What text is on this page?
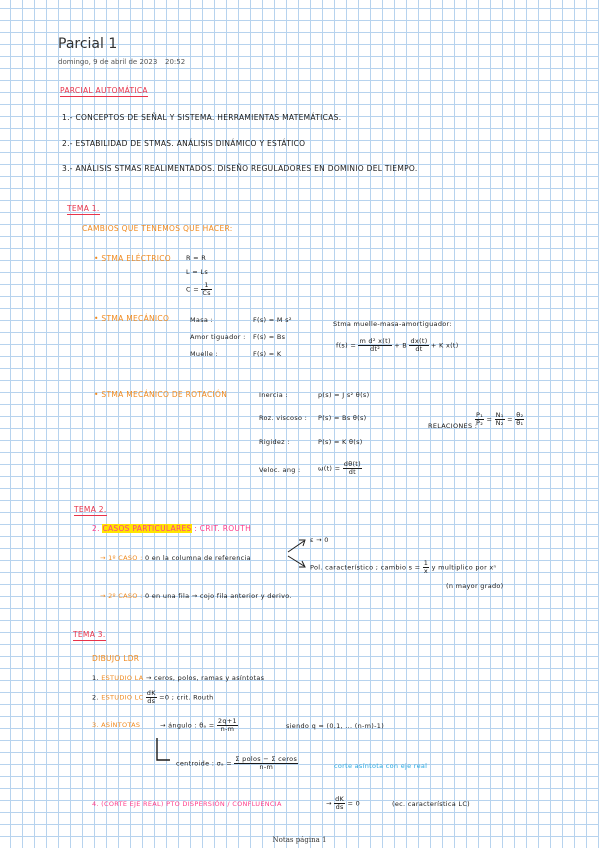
Parcial 1
domingo, 9 de abril de 2023 20:52
PARCIAL AUTOMÁTICA
1.- CONCEPTOS DE SEÑAL Y SISTEMA. HERRAMIENTAS MATEMÁTICAS.
2.- ESTABILIDAD DE STMAS. ANÁLISIS DINÁMICO Y ESTÁTICO
3.- ANÁLISIS STMAS REALIMENTADOS. DISEÑO REGULADORES EN DOMINIO DEL TIEMPO.
TEMA 1.
CAMBIOS QUE TENEMOS QUE HACER:
• STMA ELÉCTRICO R = R
L = Ls
$C = \frac{1}{Cs}$
• STMA MECÁNICO	Masa :	F(s) = M s²
Amor tiguador : F(s) = Bs
Muelle :	F(s) = K
Stma muelle-masa-amortiguador:
$f(s) = \frac{\text{m d² x(t)}}{\text{dt²}} + B \frac{dx(t)}{dt} + K$ x(t)
• STMA MECÁNICO DE ROTACIÓN	Inercia :	p(s) = J s² θ(s)
Roz. viscoso : P(s) = Bs θ(s)
Rigidez :	P(s) = K θ(s)
Veloc. ang :	$\omega(t) = \frac{d\theta(t)}{dt}$
RELACIONES :
$\frac{\text{P₁}}{\text{P₂}} = \frac{\text{N₁}}{\text{N₂}} = \frac{\text{θ₂}}{\text{θ₁}}$
TEMA 2.
2. CASOS PARTICULARES : CRIT. ROUTH
→ 1º CASO : 0 en la columna de referencia
ε → 0
Pol. característico ; cambio $s = \frac{1}{x}$ y multiplico por xⁿ
(n mayor grado)
→ 2º CASO : 0 en una fila → cojo fila anterior y derivo.
TEMA 3.
DIBUJO LDR
1. ESTUDIO LA → ceros, polos, ramas y asíntotas
2. ESTUDIO LC $\frac{dK}{ds} =0$ ; crit. Routh
3. ASÍNTOTAS	→ ángulo : $\theta_a = \frac{2q+1}{n-m}$	siendo q = (0,1, ... (n-m)-1)
centroide : $\sigma_a = \frac{\text{Σ polos − Σ ceros}}{n-m}$	corte asíntota con eje real
4. (CORTE EJE REAL) PTO DISPERSIÓN / CONFLUENCIA	→ $\frac{dK}{ds} = 0$	(ec. característica LC)
Notas página 1
